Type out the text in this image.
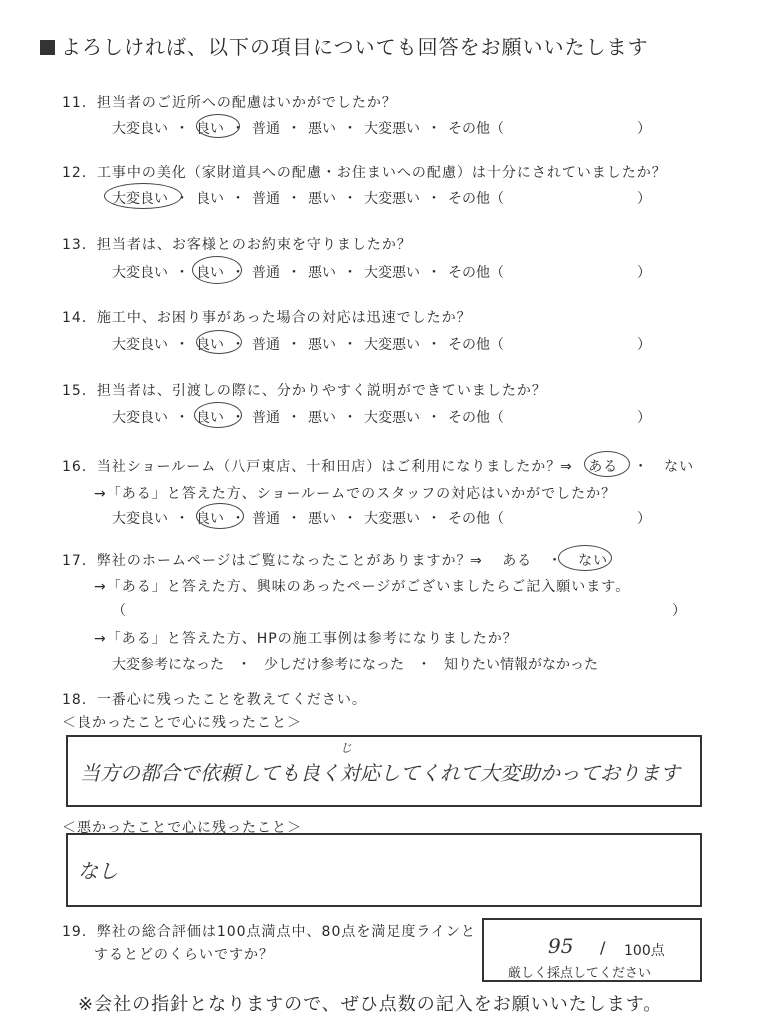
よろしければ、以下の項目についても回答をお願いいたします
11．担当者のご近所への配慮はいかがでしたか？
大変良い ・ 良い ・ 普通 ・ 悪い ・ 大変悪い ・ その他（	）
12．工事中の美化（家財道具への配慮・お住まいへの配慮）は十分にされていましたか？
大変良い ・ 良い ・ 普通 ・ 悪い ・ 大変悪い ・ その他（	）
13．担当者は、お客様とのお約束を守りましたか？
大変良い ・ 良い ・ 普通 ・ 悪い ・ 大変悪い ・ その他（	）
14．施工中、お困り事があった場合の対応は迅速でしたか？
大変良い ・ 良い ・ 普通 ・ 悪い ・ 大変悪い ・ その他（	）
15．担当者は、引渡しの際に、分かりやすく説明ができていましたか？
大変良い ・ 良い ・ 普通 ・ 悪い ・ 大変悪い ・ その他（	）
16．当社ショールーム（八戸東店、十和田店）はご利用になりましたか？
⇒ ある ・ ない
→「ある」と答えた方、ショールームでのスタッフの対応はいかがでしたか？
大変良い ・ 良い ・ 普通 ・ 悪い ・ 大変悪い ・ その他（	）
17．弊社のホームページはご覧になったことがありますか？
⇒ ある ・ ない
→「ある」と答えた方、興味のあったページがございましたらご記入願います。
（	）
→「ある」と答えた方、HPの施工事例は参考になりましたか？
大変参考になった ・ 少しだけ参考になった ・ 知りたい情報がなかった
18．一番心に残ったことを教えてください。
＜良かったことで心に残ったこと＞
当方の都合で依頼しても良く対応してくれて大変助かっております
じ
＜悪かったことで心に残ったこと＞
なし
19．弊社の総合評価は100点満点中、80点を満足度ラインと
するとどのくらいですか？	95 / 100点
厳しく採点してください
※会社の指針となりますので、ぜひ点数の記入をお願いいたします。
